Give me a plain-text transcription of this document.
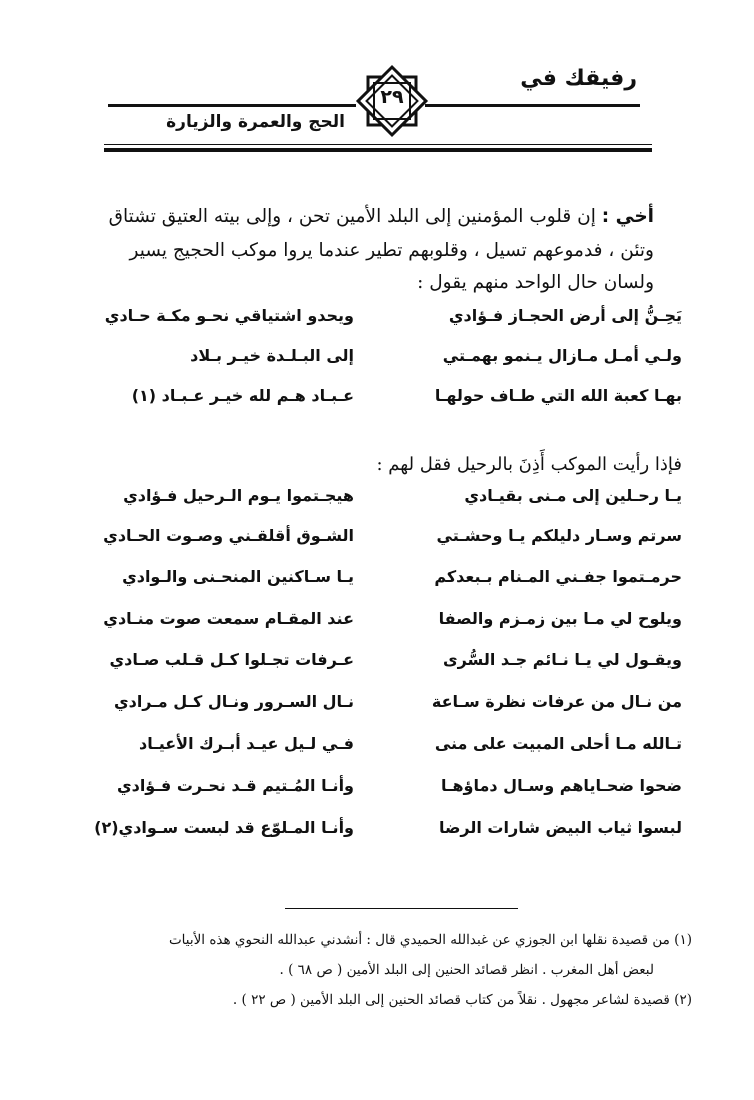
رفيقك في
الحج والعمرة والزيارة
٢٩
أخي : إن قلوب المؤمنين إلى البلد الأمين تحن ، وإلى بيته العتيق تشتاق
وتئن ، فدموعهم تسيل ، وقلوبهم تطير عندما يروا موكب الحجيج يسير
ولسان حال الواحد منهم يقول :
يَحِـنُّ إلى أرض الحجـاز فـؤادي
ويحدو اشتياقي نحـو مكـة حـادي
ولـي أمـل مـازال يـنمو بهمـتي
إلى البـلـدة خيـر بـلاد
بهـا كعبة الله التي طـاف حولهـا
عـبـاد هـم لله خيـر عـبـاد (١)
فإذا رأيت الموكب أَذِنَ بالرحيل فقل لهم :
يـا رحـلين إلى مـنى بقيـادي
هيجـتموا يـوم الـرحيل فـؤادي
سرتم وسـار دليلكم يـا وحشـتي
الشـوق أقلقـني وصـوت الحـادي
حرمـتموا جفـني المـنام بـبعدكم
يـا سـاكنين المنحـنى والـوادي
ويلوح لي مـا بين زمـزم والصفا
عند المقـام سمعت صوت منـادي
ويقـول لي يـا نـائم جـد السُّرى
عـرفات تجـلوا كـل قـلب صـادي
من نـال من عرفات نظرة سـاعة
نـال السـرور ونـال كـل مـرادي
تـالله مـا أحلى المبيت على منى
فـي لـيل عيـد أبـرك الأعيـاد
ضحوا ضحـاياهم وسـال دماؤهـا
وأنـا المُـتيم قـد نحـرت فـؤادي
لبسوا ثياب البيض شارات الرضا
وأنـا المـلوّع قد لبست سـوادي(٢)
(١) من قصيدة نقلها ابن الجوزي عن غبدالله الحميدي قال : أنشدني عبدالله النحوي هذه الأبيات
لبعض أهل المغرب . انظر قصائد الحنين إلى البلد الأمين ( ص ٦٨ ) .
(٢) قصيدة لشاعر مجهول . نقلاً من كتاب قصائد الحنين إلى البلد الأمين ( ص ٢٢ ) .
